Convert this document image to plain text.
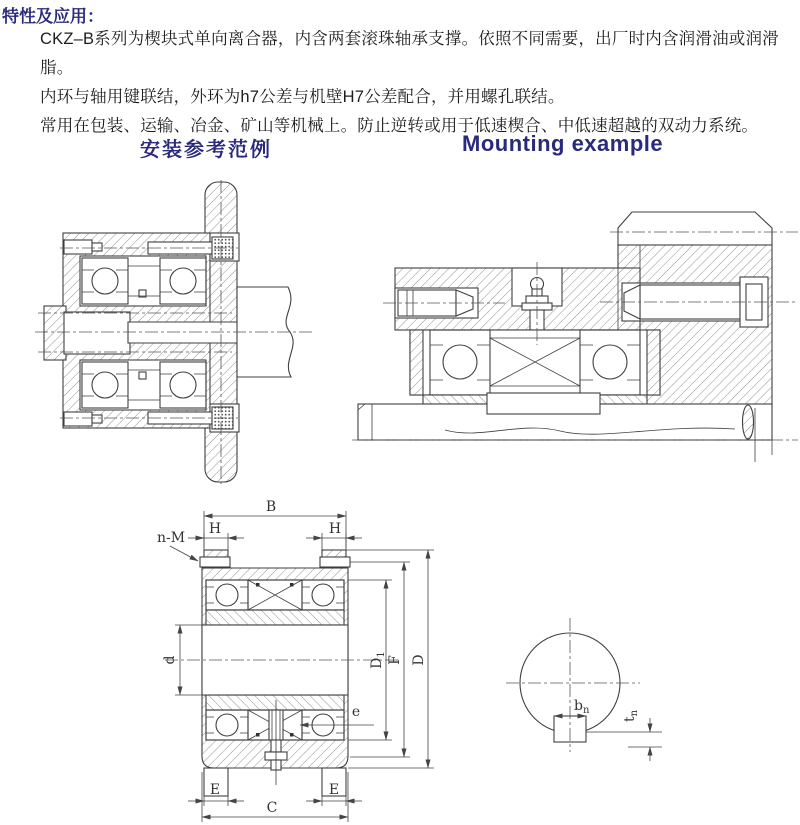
特性及应用：

CKZ–B系列为楔块式单向离合器，内含两套滚珠轴承支撑。依照不同需要，出厂时内含润滑油或润滑脂。

内环与轴用键联结，外环为h7公差与机壁H7公差配合，并用螺孔联结。

常用在包装、运输、冶金、矿山等机械上。防止逆转或用于低速楔合、中低速超越的双动力系统。

安装参考范例	Mounting example
B
H	H
n-M
d	$D_1$
F D
e
E	E
C
$b_n$
$t_n$
